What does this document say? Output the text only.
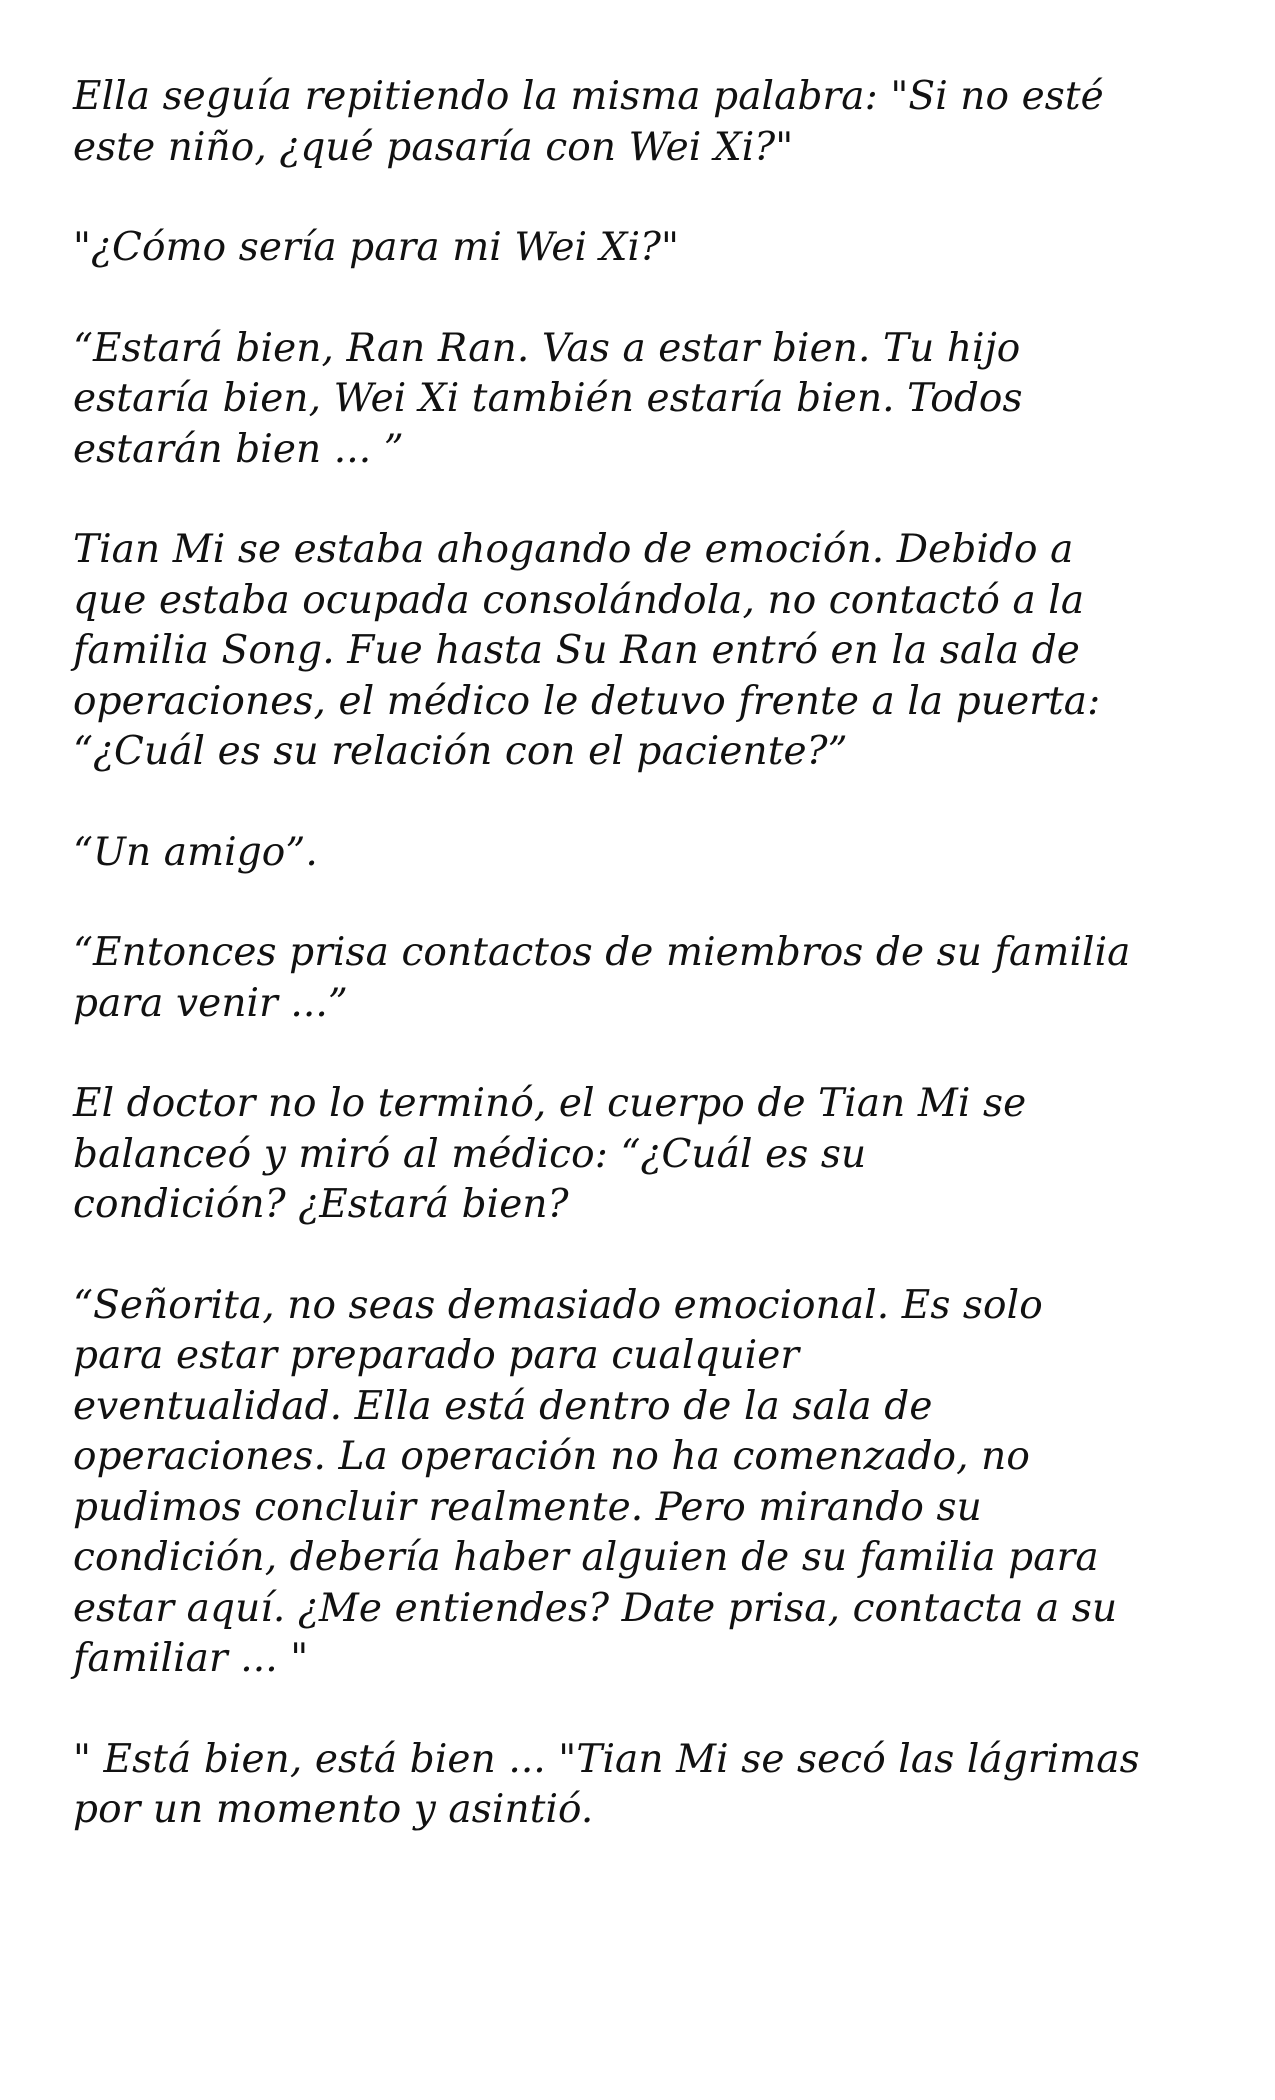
Ella seguía repitiendo la misma palabra: "Si no esté
este niño, ¿qué pasaría con Wei Xi?"

"¿Cómo sería para mi Wei Xi?"

“Estará bien, Ran Ran. Vas a estar bien. Tu hijo
estaría bien, Wei Xi también estaría bien. Todos
estarán bien ... ”

Tian Mi se estaba ahogando de emoción. Debido a
que estaba ocupada consolándola, no contactó a la
familia Song. Fue hasta Su Ran entró en la sala de
operaciones, el médico le detuvo frente a la puerta:
“¿Cuál es su relación con el paciente?”

“Un amigo”.

“Entonces prisa contactos de miembros de su familia
para venir ...”

El doctor no lo terminó, el cuerpo de Tian Mi se
balanceó y miró al médico: “¿Cuál es su
condición? ¿Estará bien?

“Señorita, no seas demasiado emocional. Es solo
para estar preparado para cualquier
eventualidad. Ella está dentro de la sala de
operaciones. La operación no ha comenzado, no
pudimos concluir realmente. Pero mirando su
condición, debería haber alguien de su familia para
estar aquí. ¿Me entiendes? Date prisa, contacta a su
familiar ... "

" Está bien, está bien ... "Tian Mi se secó las lágrimas
por un momento y asintió.
